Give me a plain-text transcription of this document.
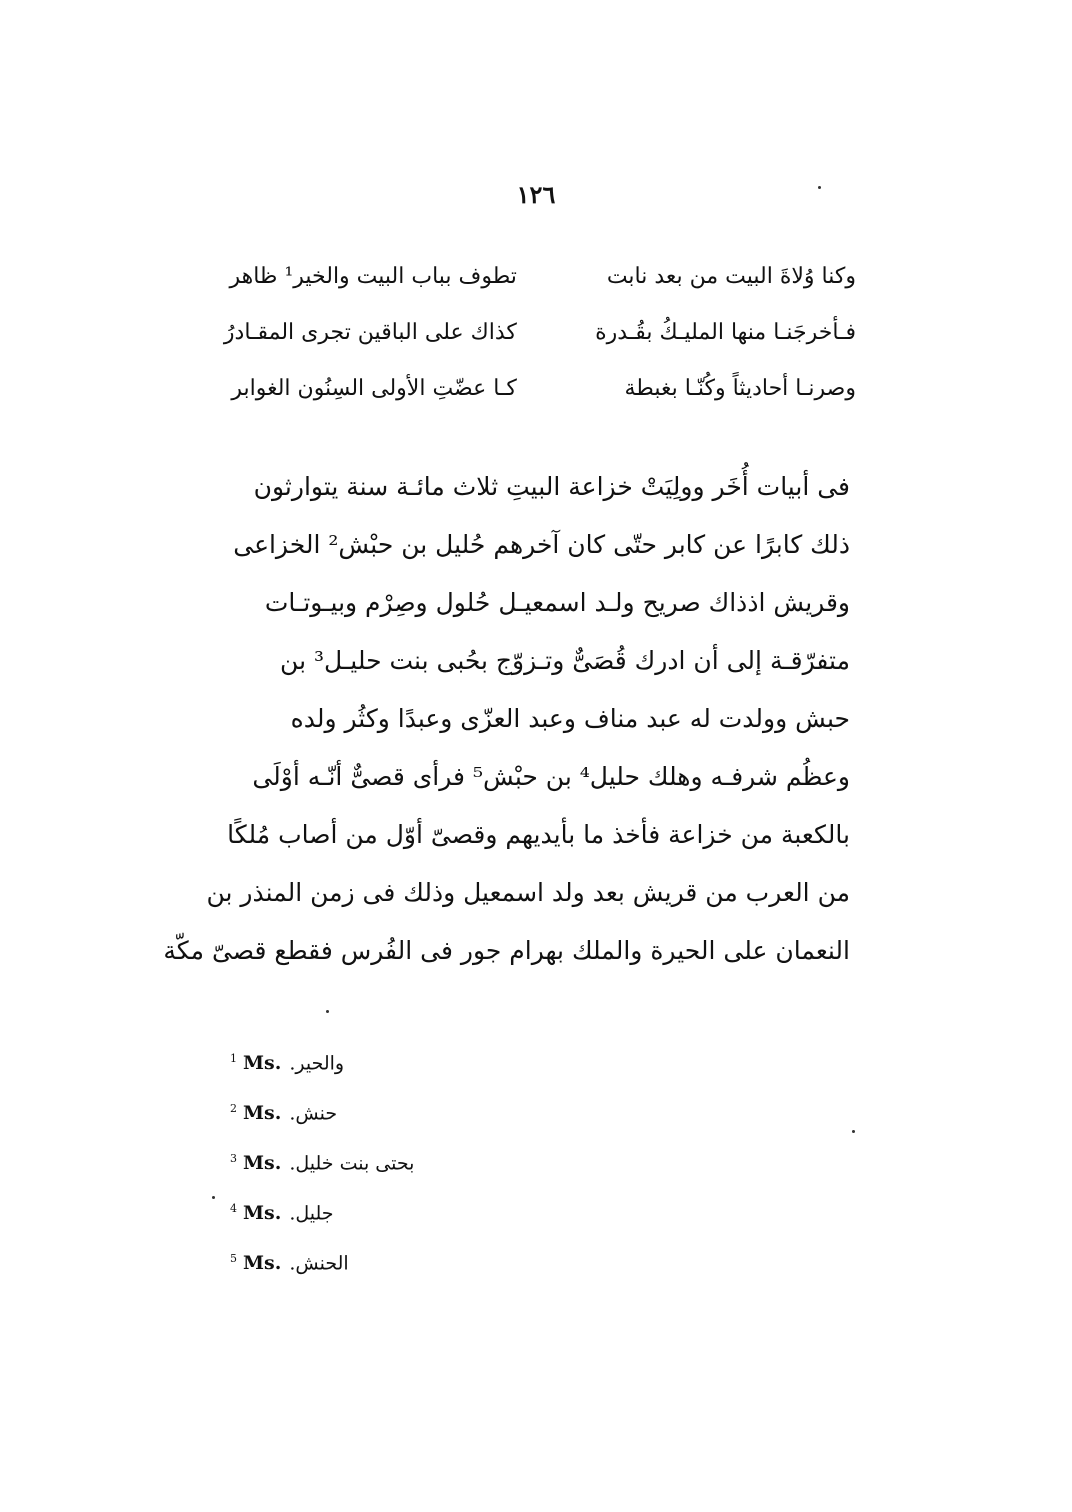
١٢٦
وكنا وُلاةَ البيت من بعد نابت
تطوف بباب البيت والخير¹ ظاهر
فـأخرجَنـا منها المليـكُ بقُـدرة
كذاك على الباقين تجرى المقـادرُ
وصرنـا أحاديثاً وكُنّـا بغبطة
كـا عضّتِ الأولى السِنُون الغوابر
فى أبيات أُخَر وولِيَتْ خزاعة البيتِ ثلاث مائـة سنة يتوارثون
ذلك كابرًا عن كابر حتّى كان آخرهم حُليل بن حبْش² الخزاعى
وقريش اذذاك صريح ولـد اسمعيـل حُلول وصِرْم وبيـوتـات
متفرّقـة إلى أن ادرك قُصَىٌّ وتـزوّج بحُبى بنت حليـل³ بن
حبش وولدت له عبد مناف وعبد العزّى وعبدًا وكثُر ولده
وعظُم شرفـه وهلك حليل⁴ بن حبْش⁵ فرأى قصىٌّ أنّـه أوْلَى
بالكعبة من خزاعة فأخذ ما بأيديهم وقصىّ أوّل من أصاب مُلكًا
من العرب من قريش بعد ولد اسمعيل وذلك فى زمن المنذر بن
النعمان على الحيرة والملك بهرام جور فى الفُرس فقطع قصىّ مكّة
$^1$ Ms. والحير.
$^2$ Ms. حنش.
$^3$ Ms. بحتى بنت خليل.
$^4$ Ms. جليل.
$^5$ Ms. الحنش.
